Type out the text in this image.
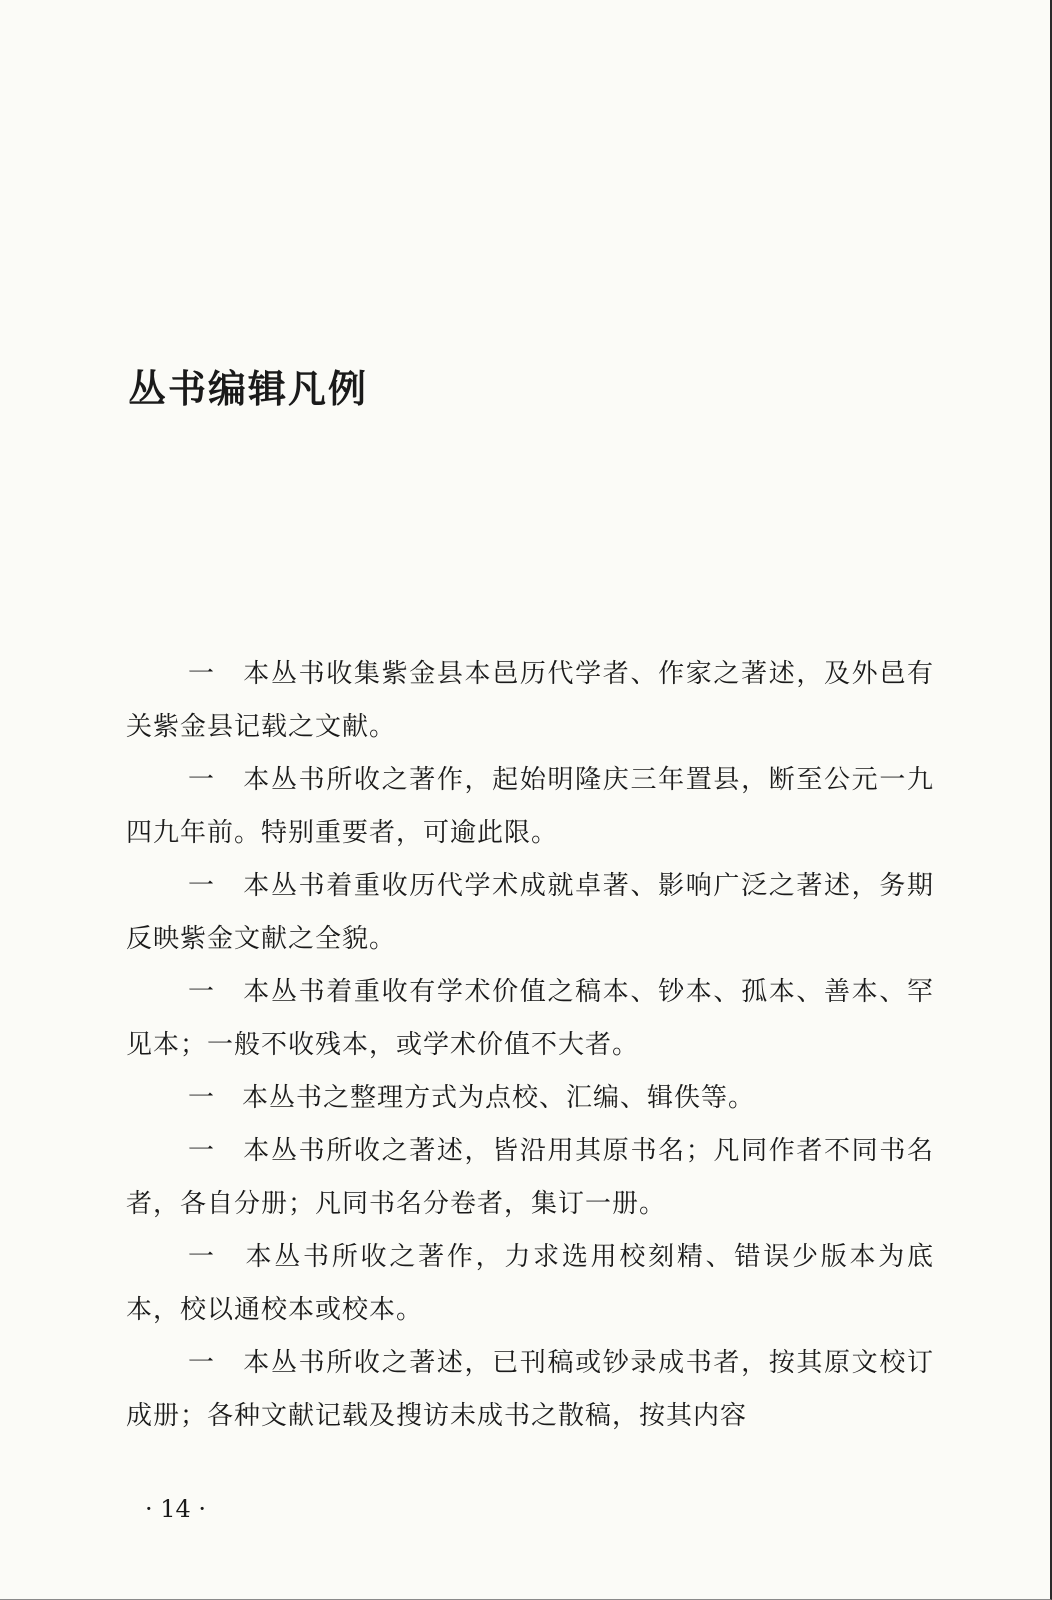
丛书编辑凡例

一　本丛书收集紫金县本邑历代学者、作家之著述，及外邑有关紫金县记载之文献。

一　本丛书所收之著作，起始明隆庆三年置县，断至公元一九四九年前。特别重要者，可逾此限。

一　本丛书着重收历代学术成就卓著、影响广泛之著述，务期反映紫金文献之全貌。

一　本丛书着重收有学术价值之稿本、钞本、孤本、善本、罕见本；一般不收残本，或学术价值不大者。

一　本丛书之整理方式为点校、汇编、辑佚等。

一　本丛书所收之著述，皆沿用其原书名；凡同作者不同书名者，各自分册；凡同书名分卷者，集订一册。

一　本丛书所收之著作，力求选用校刻精、错误少版本为底本，校以通校本或校本。

一　本丛书所收之著述，已刊稿或钞录成书者，按其原文校订成册；各种文献记载及搜访未成书之散稿，按其内容

· 14 ·
